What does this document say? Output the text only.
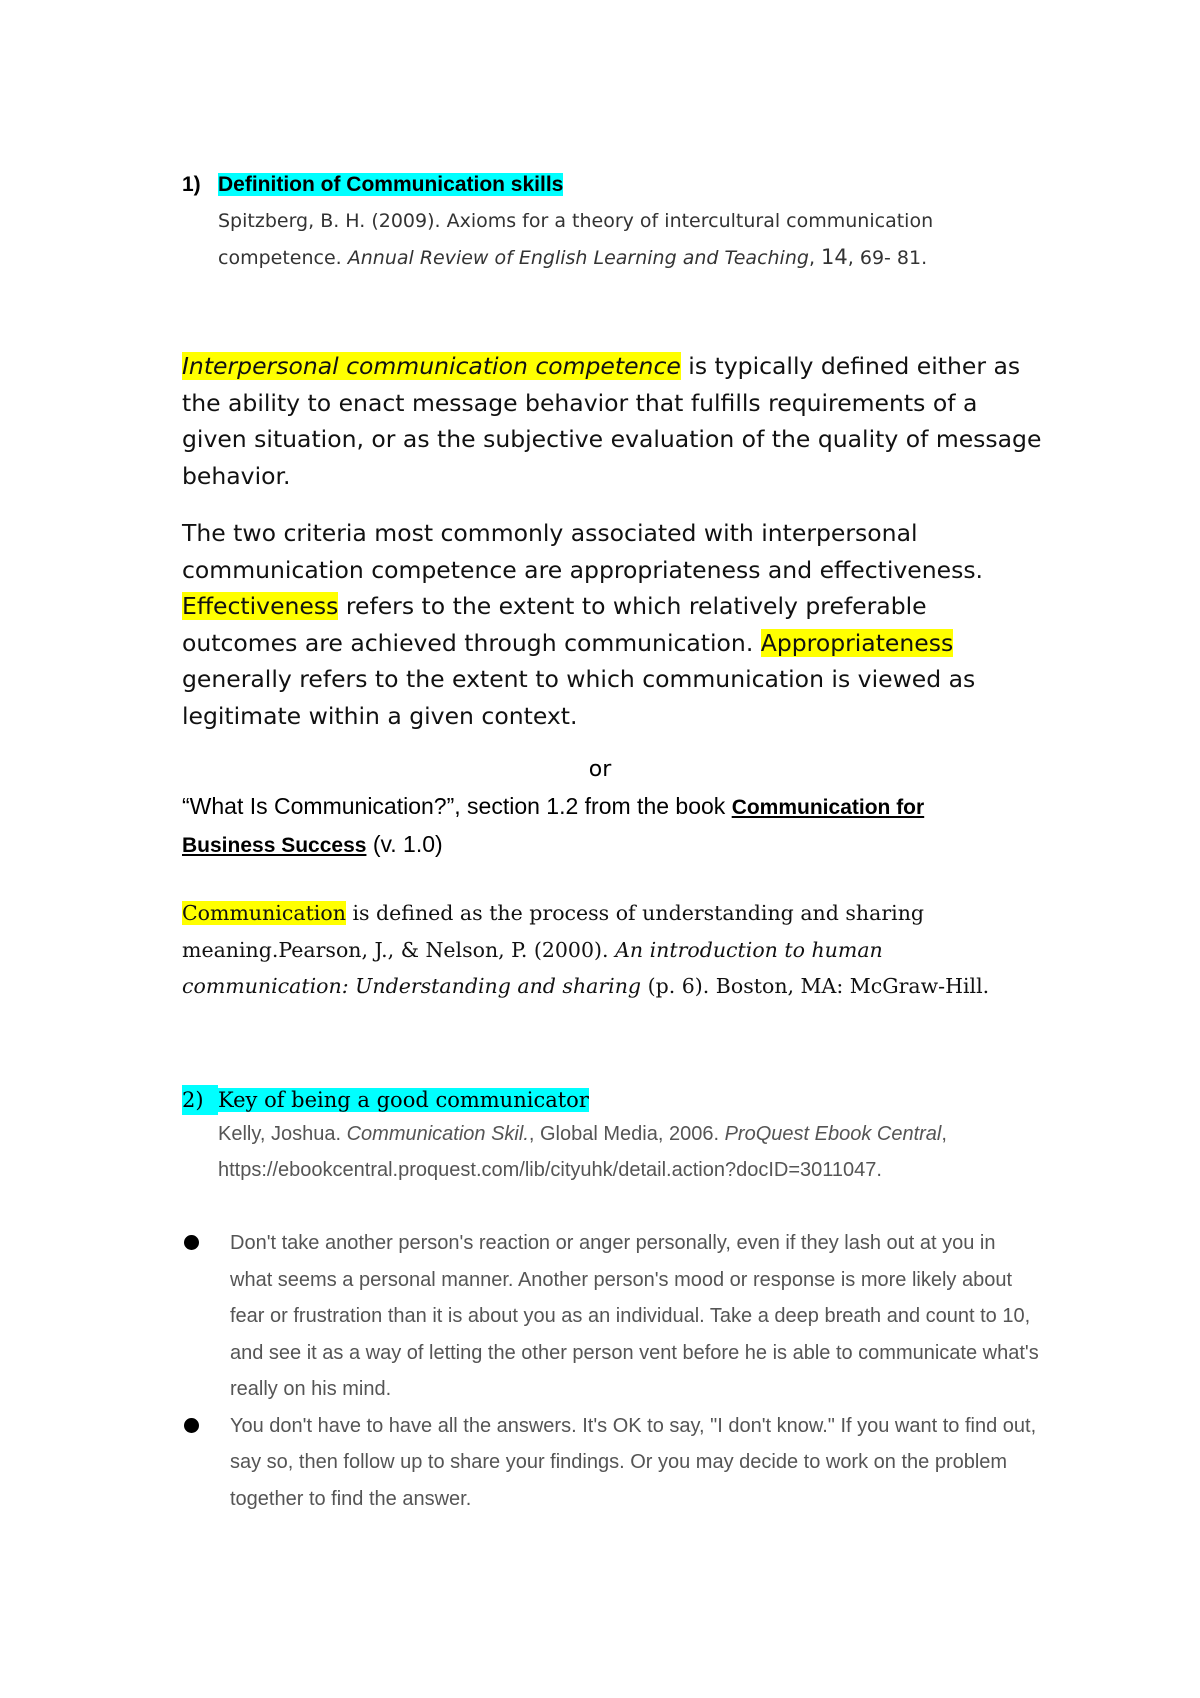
1) Definition of Communication skills
Spitzberg, B. H. (2009). Axioms for a theory of intercultural communication competence. Annual Review of English Learning and Teaching, 14, 69- 81.
Interpersonal communication competence is typically defined either as the ability to enact message behavior that fulfills requirements of a given situation, or as the subjective evaluation of the quality of message behavior.
The two criteria most commonly associated with interpersonal communication competence are appropriateness and effectiveness. Effectiveness refers to the extent to which relatively preferable outcomes are achieved through communication. Appropriateness generally refers to the extent to which communication is viewed as legitimate within a given context.
or
“What Is Communication?”, section 1.2 from the book Communication for Business Success (v. 1.0)
Communication is defined as the process of understanding and sharing meaning.Pearson, J., & Nelson, P. (2000). An introduction to human communication: Understanding and sharing (p. 6). Boston, MA: McGraw-Hill.
2) Key of being a good communicator
Kelly, Joshua. Communication Skil., Global Media, 2006. ProQuest Ebook Central, https://ebookcentral.proquest.com/lib/cityuhk/detail.action?docID=3011047.
Don't take another person's reaction or anger personally, even if they lash out at you in what seems a personal manner. Another person's mood or response is more likely about fear or frustration than it is about you as an individual. Take a deep breath and count to 10, and see it as a way of letting the other person vent before he is able to communicate what's really on his mind.
You don't have to have all the answers. It's OK to say, "I don't know." If you want to find out, say so, then follow up to share your findings. Or you may decide to work on the problem together to find the answer.
